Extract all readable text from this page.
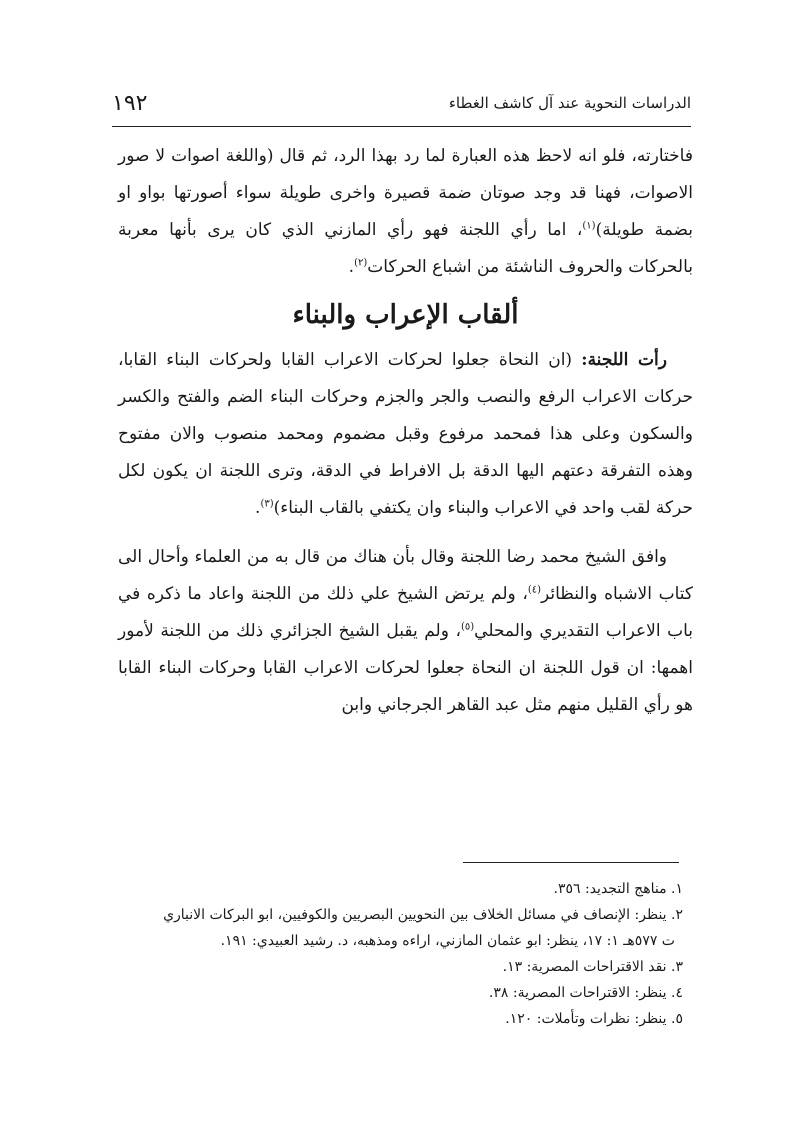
الدراسات النحوية عند آل كاشف الغطاء
١٩٢

فاختارته، فلو انه لاحظ هذه العبارة لما رد بهذا الرد، ثم قال (واللغة اصوات لا صور الاصوات، فهنا قد وجد صوتان ضمة قصيرة واخرى طويلة سواء أصورتها بواو او بضمة طويلة)$^{(١)}$، اما رأي اللجنة فهو رأي المازني الذي كان يرى بأنها معربة بالحركات والحروف الناشئة من اشباع الحركات$^{(٢)}$.

ألقاب الإعراب والبناء

رأت اللجنة: (ان النحاة جعلوا لحركات الاعراب القابا ولحركات البناء القابا، حركات الاعراب الرفع والنصب والجر والجزم وحركات البناء الضم والفتح والكسر والسكون وعلى هذا فمحمد مرفوع وقبل مضموم ومحمد منصوب والان مفتوح وهذه التفرقة دعتهم اليها الدقة بل الافراط في الدقة، وترى اللجنة ان يكون لكل حركة لقب واحد في الاعراب والبناء وان يكتفي بالقاب البناء)$^{(٣)}$.

وافق الشيخ محمد رضا اللجنة وقال بأن هناك من قال به من العلماء وأحال الى كتاب الاشباه والنظائر$^{(٤)}$، ولم يرتض الشيخ علي ذلك من اللجنة واعاد ما ذكره في باب الاعراب التقديري والمحلي$^{(٥)}$، ولم يقبل الشيخ الجزائري ذلك من اللجنة لأمور اهمها: ان قول اللجنة ان النحاة جعلوا لحركات الاعراب القابا وحركات البناء القابا هو رأي القليل منهم مثل عبد القاهر الجرجاني وابن

١. مناهج التجديد: ٣٥٦.

٢. ينظر: الإنصاف في مسائل الخلاف بين النحويين البصريين والكوفيين، ابو البركات الانباري

ت ٥٧٧هـ ١: ١٧، ينظر: ابو عثمان المازني، اراءه ومذهبه، د. رشيد العبيدي: ١٩١.

٣. نقد الاقتراحات المصرية: ١٣.

٤. ينظر: الاقتراحات المصرية: ٣٨.

٥. ينظر: نظرات وتأملات: ١٢٠.
